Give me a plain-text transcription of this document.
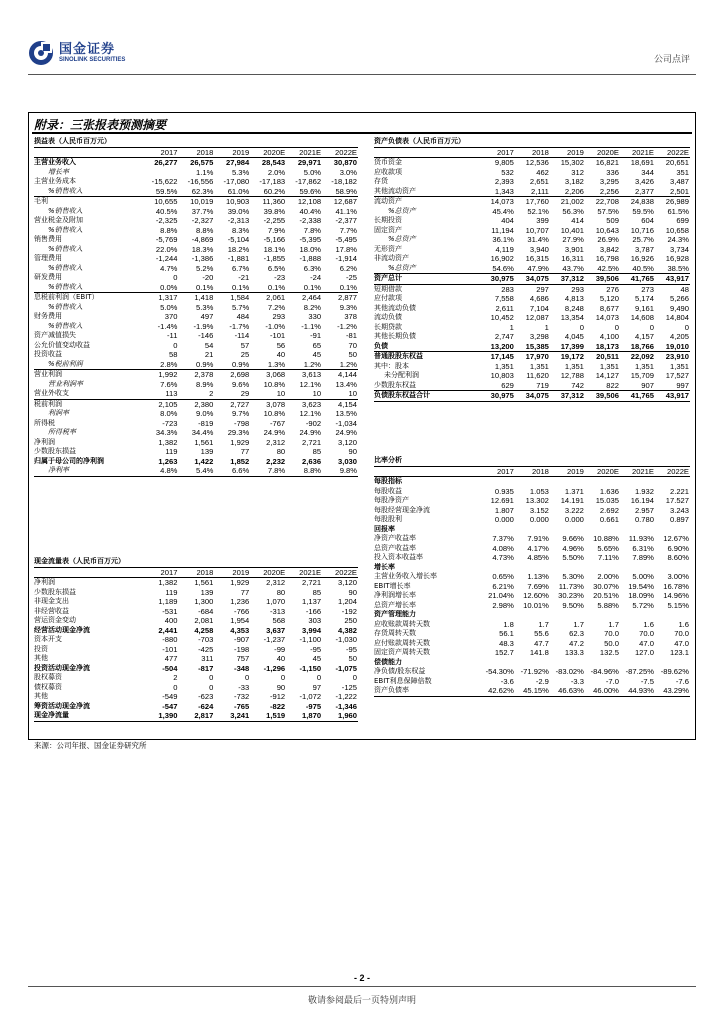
国金证券
SINOLINK SECURITIES	公司点评
附录：三张报表预测摘要
损益表（人民币百万元）						
	2017	2018	2019	2020E	2021E	2022E
主营业务收入	26,277	26,575	27,984	28,543	29,971	30,870
增长率		1.1%	5.3%	2.0%	5.0%	3.0%
主营业务成本	-15,622	-16,556	-17,080	-17,183	-17,862	-18,182
%销售收入	59.5%	62.3%	61.0%	60.2%	59.6%	58.9%
毛利	10,655	10,019	10,903	11,360	12,108	12,687
%销售收入	40.5%	37.7%	39.0%	39.8%	40.4%	41.1%
营业税金及附加	-2,325	-2,327	-2,313	-2,255	-2,338	-2,377
%销售收入	8.8%	8.8%	8.3%	7.9%	7.8%	7.7%
销售费用	-5,769	-4,869	-5,104	-5,166	-5,395	-5,495
%销售收入	22.0%	18.3%	18.2%	18.1%	18.0%	17.8%
管理费用	-1,244	-1,386	-1,881	-1,855	-1,888	-1,914
%销售收入	4.7%	5.2%	6.7%	6.5%	6.3%	6.2%
研发费用	0	-20	-21	-23	-24	-25
%销售收入	0.0%	0.1%	0.1%	0.1%	0.1%	0.1%
息税前利润（EBIT）	1,317	1,418	1,584	2,061	2,464	2,877
%销售收入	5.0%	5.3%	5.7%	7.2%	8.2%	9.3%
财务费用	370	497	484	293	330	378
%销售收入	-1.4%	-1.9%	-1.7%	-1.0%	-1.1%	-1.2%
资产减值损失	-11	-146	-114	-101	-91	-81
公允价值变动收益	0	54	57	56	65	70
投资收益	58	21	25	40	45	50
%税前利润	2.8%	0.9%	0.9%	1.3%	1.2%	1.2%
营业利润	1,992	2,378	2,698	3,068	3,613	4,144
营业利润率	7.6%	8.9%	9.6%	10.8%	12.1%	13.4%
营业外收支	113	2	29	10	10	10
税前利润	2,105	2,380	2,727	3,078	3,623	4,154
利润率	8.0%	9.0%	9.7%	10.8%	12.1%	13.5%
所得税	-723	-819	-798	-767	-902	-1,034
所得税率	34.3%	34.4%	29.3%	24.9%	24.9%	24.9%
净利润	1,382	1,561	1,929	2,312	2,721	3,120
少数股东损益	119	139	77	80	85	90
归属于母公司的净利润	1,263	1,422	1,852	2,232	2,636	3,030
净利率	4.8%	5.4%	6.6%	7.8%	8.8%	9.8%
资产负债表（人民币百万元）						
	2017	2018	2019	2020E	2021E	2022E
货币资金	9,805	12,536	15,302	16,821	18,691	20,651
应收款项	532	462	312	336	344	351
存货	2,393	2,651	3,182	3,295	3,426	3,487
其他流动资产	1,343	2,111	2,206	2,256	2,377	2,501
流动资产	14,073	17,760	21,002	22,708	24,838	26,989
%总资产	45.4%	52.1%	56.3%	57.5%	59.5%	61.5%
长期投资	404	399	414	509	604	699
固定资产	11,194	10,707	10,401	10,643	10,716	10,658
%总资产	36.1%	31.4%	27.9%	26.9%	25.7%	24.3%
无形资产	4,119	3,940	3,901	3,842	3,787	3,734
非流动资产	16,902	16,315	16,311	16,798	16,926	16,928
%总资产	54.6%	47.9%	43.7%	42.5%	40.5%	38.5%
资产总计	30,975	34,075	37,312	39,506	41,765	43,917
短期借款	283	297	293	276	273	48
应付款项	7,558	4,686	4,813	5,120	5,174	5,266
其他流动负债	2,611	7,104	8,248	8,677	9,161	9,490
流动负债	10,452	12,087	13,354	14,073	14,608	14,804
长期贷款	1	1	0	0	0	0
其他长期负债	2,747	3,298	4,045	4,100	4,157	4,205
负债	13,200	15,385	17,399	18,173	18,766	19,010
普通股股东权益	17,145	17,970	19,172	20,511	22,092	23,910
其中：股本	1,351	1,351	1,351	1,351	1,351	1,351
未分配利润	10,803	11,620	12,788	14,127	15,709	17,527
少数股东权益	629	719	742	822	907	997
负债股东权益合计	30,975	34,075	37,312	39,506	41,765	43,917
比率分析						
	2017	2018	2019	2020E	2021E	2022E
每股指标						
每股收益	0.935	1.053	1.371	1.636	1.932	2.221
每股净资产	12.691	13.302	14.191	15.035	16.194	17.527
每股经营现金净流	1.807	3.152	3.222	2.692	2.957	3.243
每股股利	0.000	0.000	0.000	0.661	0.780	0.897
回报率						
净资产收益率	7.37%	7.91%	9.66%	10.88%	11.93%	12.67%
总资产收益率	4.08%	4.17%	4.96%	5.65%	6.31%	6.90%
投入资本收益率	4.73%	4.85%	5.50%	7.11%	7.89%	8.60%
增长率						
主营业务收入增长率	0.65%	1.13%	5.30%	2.00%	5.00%	3.00%
EBIT增长率	6.21%	7.69%	11.73%	30.07%	19.54%	16.78%
净利润增长率	21.04%	12.60%	30.23%	20.51%	18.09%	14.96%
总资产增长率	2.98%	10.01%	9.50%	5.88%	5.72%	5.15%
资产管理能力						
应收账款周转天数	1.8	1.7	1.7	1.7	1.6	1.6
存货周转天数	56.1	55.6	62.3	70.0	70.0	70.0
应付账款周转天数	48.3	47.7	47.2	50.0	47.0	47.0
固定资产周转天数	152.7	141.8	133.3	132.5	127.0	123.1
偿债能力						
净负债/股东权益	-54.30%	-71.92%	-83.02%	-84.96%	-87.25%	-89.62%
EBIT利息保障倍数	-3.6	-2.9	-3.3	-7.0	-7.5	-7.6
资产负债率	42.62%	45.15%	46.63%	46.00%	44.93%	43.29%
现金流量表（人民币百万元）						
	2017	2018	2019	2020E	2021E	2022E
净利润	1,382	1,561	1,929	2,312	2,721	3,120
少数股东损益	119	139	77	80	85	90
非现金支出	1,189	1,300	1,236	1,070	1,137	1,204
非经营收益	-531	-684	-766	-313	-166	-192
营运资金变动	400	2,081	1,954	568	303	250
经营活动现金净流	2,441	4,258	4,353	3,637	3,994	4,382
资本开支	-880	-703	-907	-1,237	-1,100	-1,030
投资	-101	-425	-198	-99	-95	-95
其他	477	311	757	40	45	50
投资活动现金净流	-504	-817	-348	-1,296	-1,150	-1,075
股权募资	2	0	0	0	0	0
债权募资	0	0	-33	90	97	-125
其他	-549	-623	-732	-912	-1,072	-1,222
筹资活动现金净流	-547	-624	-765	-822	-975	-1,346
现金净流量	1,390	2,817	3,241	1,519	1,870	1,960
来源：公司年报、国金证券研究所
- 2 -
敬请参阅最后一页特别声明
